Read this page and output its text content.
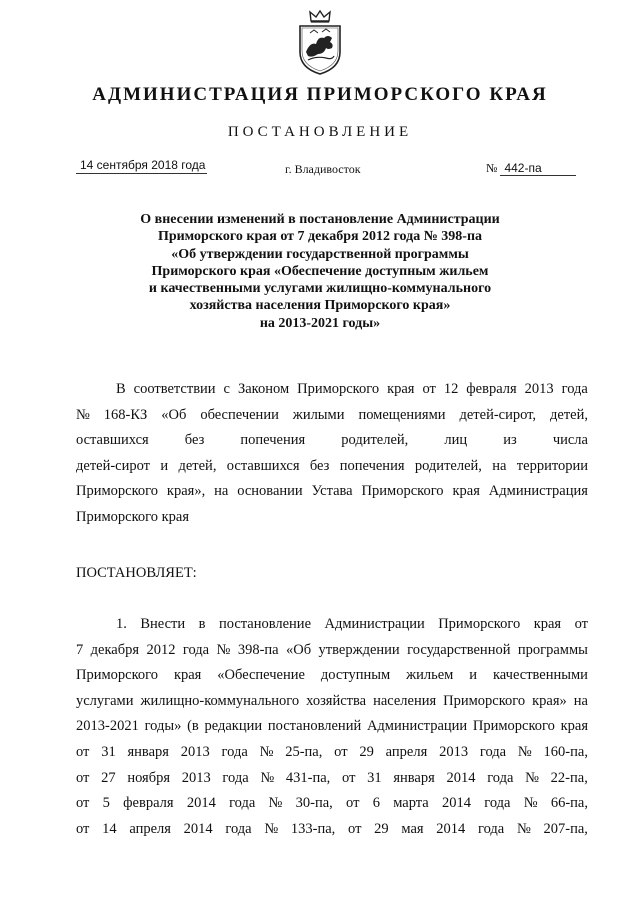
АДМИНИСТРАЦИЯ ПРИМОРСКОГО КРАЯ
ПОСТАНОВЛЕНИЕ
14 сентября 2018 года	г. Владивосток	№ 442-па
О внесении изменений в постановление Администрации
Приморского края от 7 декабря 2012 года № 398-па
«Об утверждении государственной программы
Приморского края «Обеспечение доступным жильем
и качественными услугами жилищно-коммунального
хозяйства населения Приморского края»
на 2013-2021 годы»
В соответствии с Законом Приморского края от 12 февраля 2013 года
№ 168-КЗ «Об обеспечении жилыми помещениями детей-сирот, детей,
оставшихся без попечения родителей, лиц из числа
детей-сирот и детей, оставшихся без попечения родителей, на территории
Приморского края», на основании Устава Приморского края Администрация
Приморского края
ПОСТАНОВЛЯЕТ:
1. Внести в постановление Администрации Приморского края от
7 декабря 2012 года № 398-па «Об утверждении государственной программы
Приморского края «Обеспечение доступным жильем и качественными
услугами жилищно-коммунального хозяйства населения Приморского края» на
2013-2021 годы» (в редакции постановлений Администрации Приморского края
от 31 января 2013 года № 25-па, от 29 апреля 2013 года № 160-па,
от 27 ноября 2013 года № 431-па, от 31 января 2014 года № 22-па,
от 5 февраля 2014 года № 30-па, от 6 марта 2014 года № 66-па,
от 14 апреля 2014 года № 133-па, от 29 мая 2014 года № 207-па,
